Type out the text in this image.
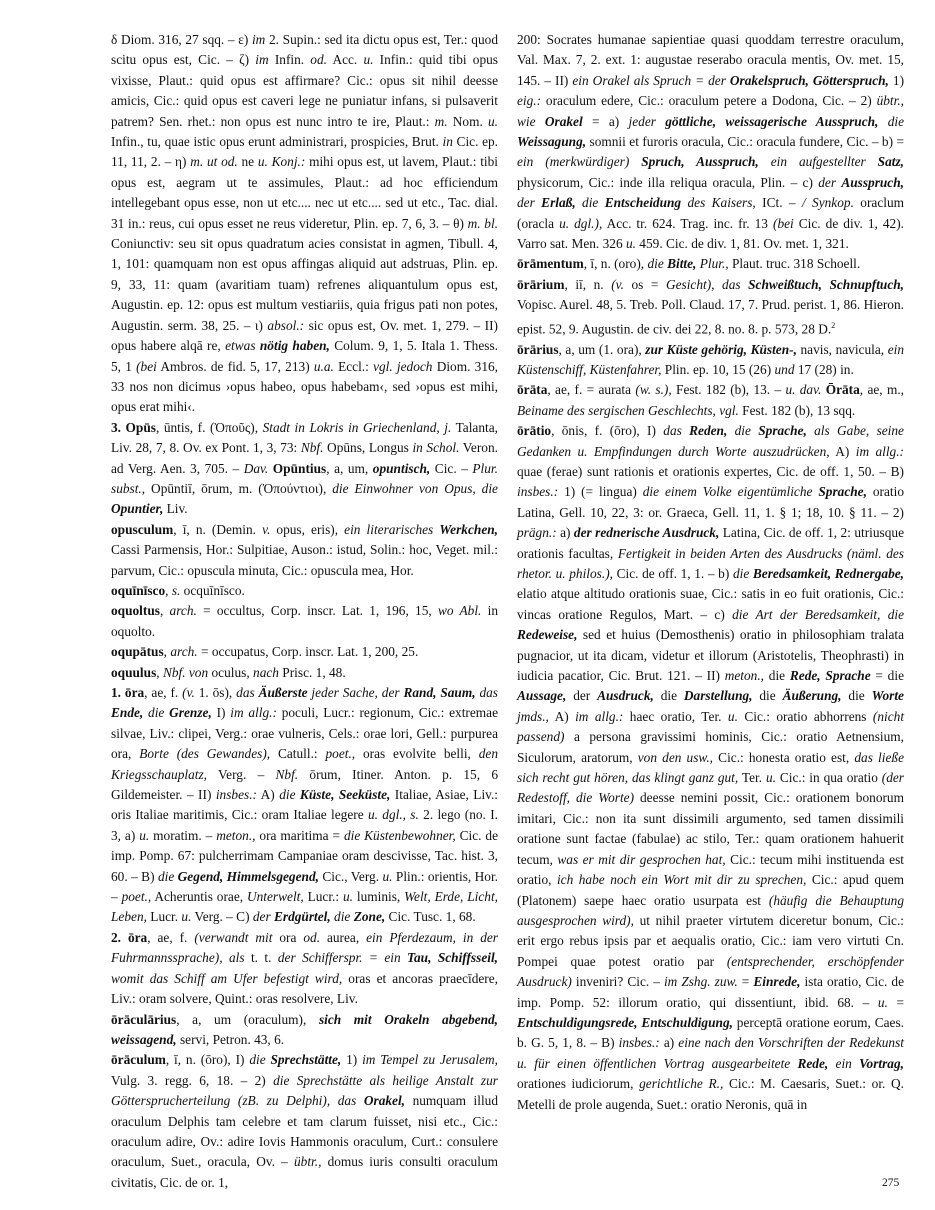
δ Diom. 316, 27 sqq. – ε) im 2. Supin.: sed ita dictu opus est, Ter.: quod scitu opus est, Cic. – ζ) im Infin. od. Acc. u. Infin.: quid tibi opus vixisse, Plaut.: quid opus est affirmare? Cic.: opus sit nihil deesse amicis, Cic.: quid opus est caveri lege ne puniatur infans, si pulsaverit patrem? Sen. rhet.: non opus est nunc intro te ire, Plaut.: m. Nom. u. Infin., tu, quae istic opus erunt administrari, prospicies, Brut. in Cic. ep. 11, 11, 2. – η) m. ut od. ne u. Konj.: mihi opus est, ut lavem, Plaut.: tibi opus est, aegram ut te assimules, Plaut.: ad hoc efficiendum intellegebant opus esse, non ut etc.... nec ut etc.... sed ut etc., Tac. dial. 31 in.: reus, cui opus esset ne reus videretur, Plin. ep. 7, 6, 3. – θ) m. bl. Coniunctiv: seu sit opus quadratum acies consistat in agmen, Tibull. 4, 1, 101: quamquam non est opus affingas aliquid aut adstruas, Plin. ep. 9, 33, 11: quam (avaritiam tuam) refrenes aliquantulum opus est, Augustin. ep. 12: opus est multum vestiariis, quia frigus pati non potes, Augustin. serm. 38, 25. – ι) absol.: sic opus est, Ov. met. 1, 279. – II) opus habere alqā re, etwas nötig haben, Colum. 9, 1, 5. Itala 1. Thess. 5, 1 (bei Ambros. de fid. 5, 17, 213) u.a. Eccl.: vgl. jedoch Diom. 316, 33 nos non dicimus ›opus habeo, opus habebam‹, sed ›opus est mihi, opus erat mihi‹.

3. Opūs, ūntis, f. (Ὀποῦς), Stadt in Lokris in Griechenland, j. Talanta, Liv. 28, 7, 8. Ov. ex Pont. 1, 3, 73: Nbf. Opūns, Longus in Schol. Veron. ad Verg. Aen. 3, 705. – Dav. Opūntius, a, um, opuntisch, Cic. – Plur. subst., Opūntiī, ōrum, m. (Ὀπούντιοι), die Einwohner von Opus, die Opuntier, Liv.

opusculum, ī, n. (Demin. v. opus, eris), ein literarisches Werkchen, Cassi Parmensis, Hor.: Sulpitiae, Auson.: istud, Solin.: hoc, Veget. mil.: parvum, Cic.: opuscula minuta, Cic.: opuscula mea, Hor.

oquīnīsco, s. ocquīnīsco.

oquoltus, arch. = occultus, Corp. inscr. Lat. 1, 196, 15, wo Abl. in oquolto.

oqupātus, arch. = occupatus, Corp. inscr. Lat. 1, 200, 25.

oquulus, Nbf. von oculus, nach Prisc. 1, 48.

1. ōra, ae, f. (v. 1. ōs), das Äußerste jeder Sache, der Rand, Saum, das Ende, die Grenze, I) im allg.: poculi, Lucr.: regionum, Cic.: extremae silvae, Liv.: clipei, Verg.: orae vulneris, Cels.: orae lori, Gell.: purpurea ora, Borte (des Gewandes), Catull.: poet., oras evolvite belli, den Kriegsschauplatz, Verg. – Nbf. ōrum, Itiner. Anton. p. 15, 6 Gildemeister. – II) insbes.: A) die Küste, Seeküste, Italiae, Asiae, Liv.: oris Italiae maritimis, Cic.: oram Italiae legere u. dgl., s. 2. lego (no. I. 3, a) u. moratim. – meton., ora maritima = die Küstenbewohner, Cic. de imp. Pomp. 67: pulcherrimam Campaniae oram descivisse, Tac. hist. 3, 60. – B) die Gegend, Himmelsgegend, Cic., Verg. u. Plin.: orientis, Hor. – poet., Acheruntis orae, Unterwelt, Lucr.: u. luminis, Welt, Erde, Licht, Leben, Lucr. u. Verg. – C) der Erdgürtel, die Zone, Cic. Tusc. 1, 68.

2. ōra, ae, f. (verwandt mit ora od. aurea, ein Pferdezaum, in der Fuhrmannssprache), als t. t. der Schifferspr. = ein Tau, Schiffsseil, womit das Schiff am Ufer befestigt wird, oras et ancoras praecīdere, Liv.: oram solvere, Quint.: oras resolvere, Liv.

ōrāculārius, a, um (oraculum), sich mit Orakeln abgebend, weissagend, servi, Petron. 43, 6.

ōrāculum, ī, n. (ōro), I) die Sprechstätte, 1) im Tempel zu Jerusalem, Vulg. 3. regg. 6, 18. – 2) die Sprechstätte als heilige Anstalt zur Göttersprucherteilung (zB. zu Delphi), das Orakel, numquam illud oraculum Delphis tam celebre et tam clarum fuisset, nisi etc., Cic.: oraculum adire, Ov.: adire Iovis Hammonis oraculum, Curt.: consulere oraculum, Suet., oracula, Ov. – übtr., domus iuris consulti oraculum civitatis, Cic. de or. 1,

200: Socrates humanae sapientiae quasi quoddam terrestre oraculum, Val. Max. 7, 2. ext. 1: augustae reserabo oracula mentis, Ov. met. 15, 145. – II) ein Orakel als Spruch = der Orakelspruch, Götterspruch, 1) eig.: oraculum edere, Cic.: oraculum petere a Dodona, Cic. – 2) übtr., wie Orakel = a) jeder göttliche, weissagerische Ausspruch, die Weissagung, somnii et furoris oracula, Cic.: oracula fundere, Cic. – b) = ein (merkwürdiger) Spruch, Ausspruch, ein aufgestellter Satz, physicorum, Cic.: inde illa reliqua oracula, Plin. – c) der Ausspruch, der Erlaß, die Entscheidung des Kaisers, ICt. – / Synkop. oraclum (oracla u. dgl.), Acc. tr. 624. Trag. inc. fr. 13 (bei Cic. de div. 1, 42). Varro sat. Men. 326 u. 459. Cic. de div. 1, 81. Ov. met. 1, 321.

ōrāmentum, ī, n. (oro), die Bitte, Plur., Plaut. truc. 318 Schoell.

ōrārium, iī, n. (v. os = Gesicht), das Schweißtuch, Schnupftuch, Vopisc. Aurel. 48, 5. Treb. Poll. Claud. 17, 7. Prud. perist. 1, 86. Hieron. epist. 52, 9. Augustin. de civ. dei 22, 8. no. 8. p. 573, 28 D.$^2$

ōrārius, a, um (1. ora), zur Küste gehörig, Küsten-, navis, navicula, ein Küstenschiff, Küstenfahrer, Plin. ep. 10, 15 (26) und 17 (28) in.

ōrāta, ae, f. = aurata (w. s.), Fest. 182 (b), 13. – u. dav. Ōrāta, ae, m., Beiname des sergischen Geschlechts, vgl. Fest. 182 (b), 13 sqq.

ōrātio, ōnis, f. (ōro), I) das Reden, die Sprache, als Gabe, seine Gedanken u. Empfindungen durch Worte auszudrücken, A) im allg.: quae (ferae) sunt rationis et orationis expertes, Cic. de off. 1, 50. – B) insbes.: 1) (= lingua) die einem Volke eigentümliche Sprache, oratio Latina, Gell. 10, 22, 3: or. Graeca, Gell. 11, 1. § 1; 18, 10. § 11. – 2) prägn.: a) der rednerische Ausdruck, Latina, Cic. de off. 1, 2: utriusque orationis facultas, Fertigkeit in beiden Arten des Ausdrucks (näml. des rhetor. u. philos.), Cic. de off. 1, 1. – b) die Beredsamkeit, Rednergabe, elatio atque altitudo orationis suae, Cic.: satis in eo fuit orationis, Cic.: vincas oratione Regulos, Mart. – c) die Art der Beredsamkeit, die Redeweise, sed et huius (Demosthenis) oratio in philosophiam tralata pugnacior, ut ita dicam, videtur et illorum (Aristotelis, Theophrasti) in iudicia pacatior, Cic. Brut. 121. – II) meton., die Rede, Sprache = die Aussage, der Ausdruck, die Darstellung, die Äußerung, die Worte jmds., A) im allg.: haec oratio, Ter. u. Cic.: oratio abhorrens (nicht passend) a persona gravissimi hominis, Cic.: oratio Aetnensium, Siculorum, aratorum, von den usw., Cic.: honesta oratio est, das ließe sich recht gut hören, das klingt ganz gut, Ter. u. Cic.: in qua oratio (der Redestoff, die Worte) deesse nemini possit, Cic.: orationem bonorum imitari, Cic.: non ita sunt dissimili argumento, sed tamen dissimili oratione sunt factae (fabulae) ac stilo, Ter.: quam orationem hahuerit tecum, was er mit dir gesprochen hat, Cic.: tecum mihi instituenda est oratio, ich habe noch ein Wort mit dir zu sprechen, Cic.: apud quem (Platonem) saepe haec oratio usurpata est (häufig die Behauptung ausgesprochen wird), ut nihil praeter virtutem diceretur bonum, Cic.: erit ergo rebus ipsis par et aequalis oratio, Cic.: iam vero virtuti Cn. Pompei quae potest oratio par (entsprechender, erschöpfender Ausdruck) inveniri? Cic. – im Zshg. zuw. = Einrede, ista oratio, Cic. de imp. Pomp. 52: illorum oratio, qui dissentiunt, ibid. 68. – u. = Entschuldigungsrede, Entschuldigung, perceptā oratione eorum, Caes. b. G. 5, 1, 8. – B) insbes.: a) eine nach den Vorschriften der Redekunst u. für einen öffentlichen Vortrag ausgearbeitete Rede, ein Vortrag, orationes iudiciorum, gerichtliche R., Cic.: M. Caesaris, Suet.: or. Q. Metelli de prole augenda, Suet.: oratio Neronis, quā in

275
